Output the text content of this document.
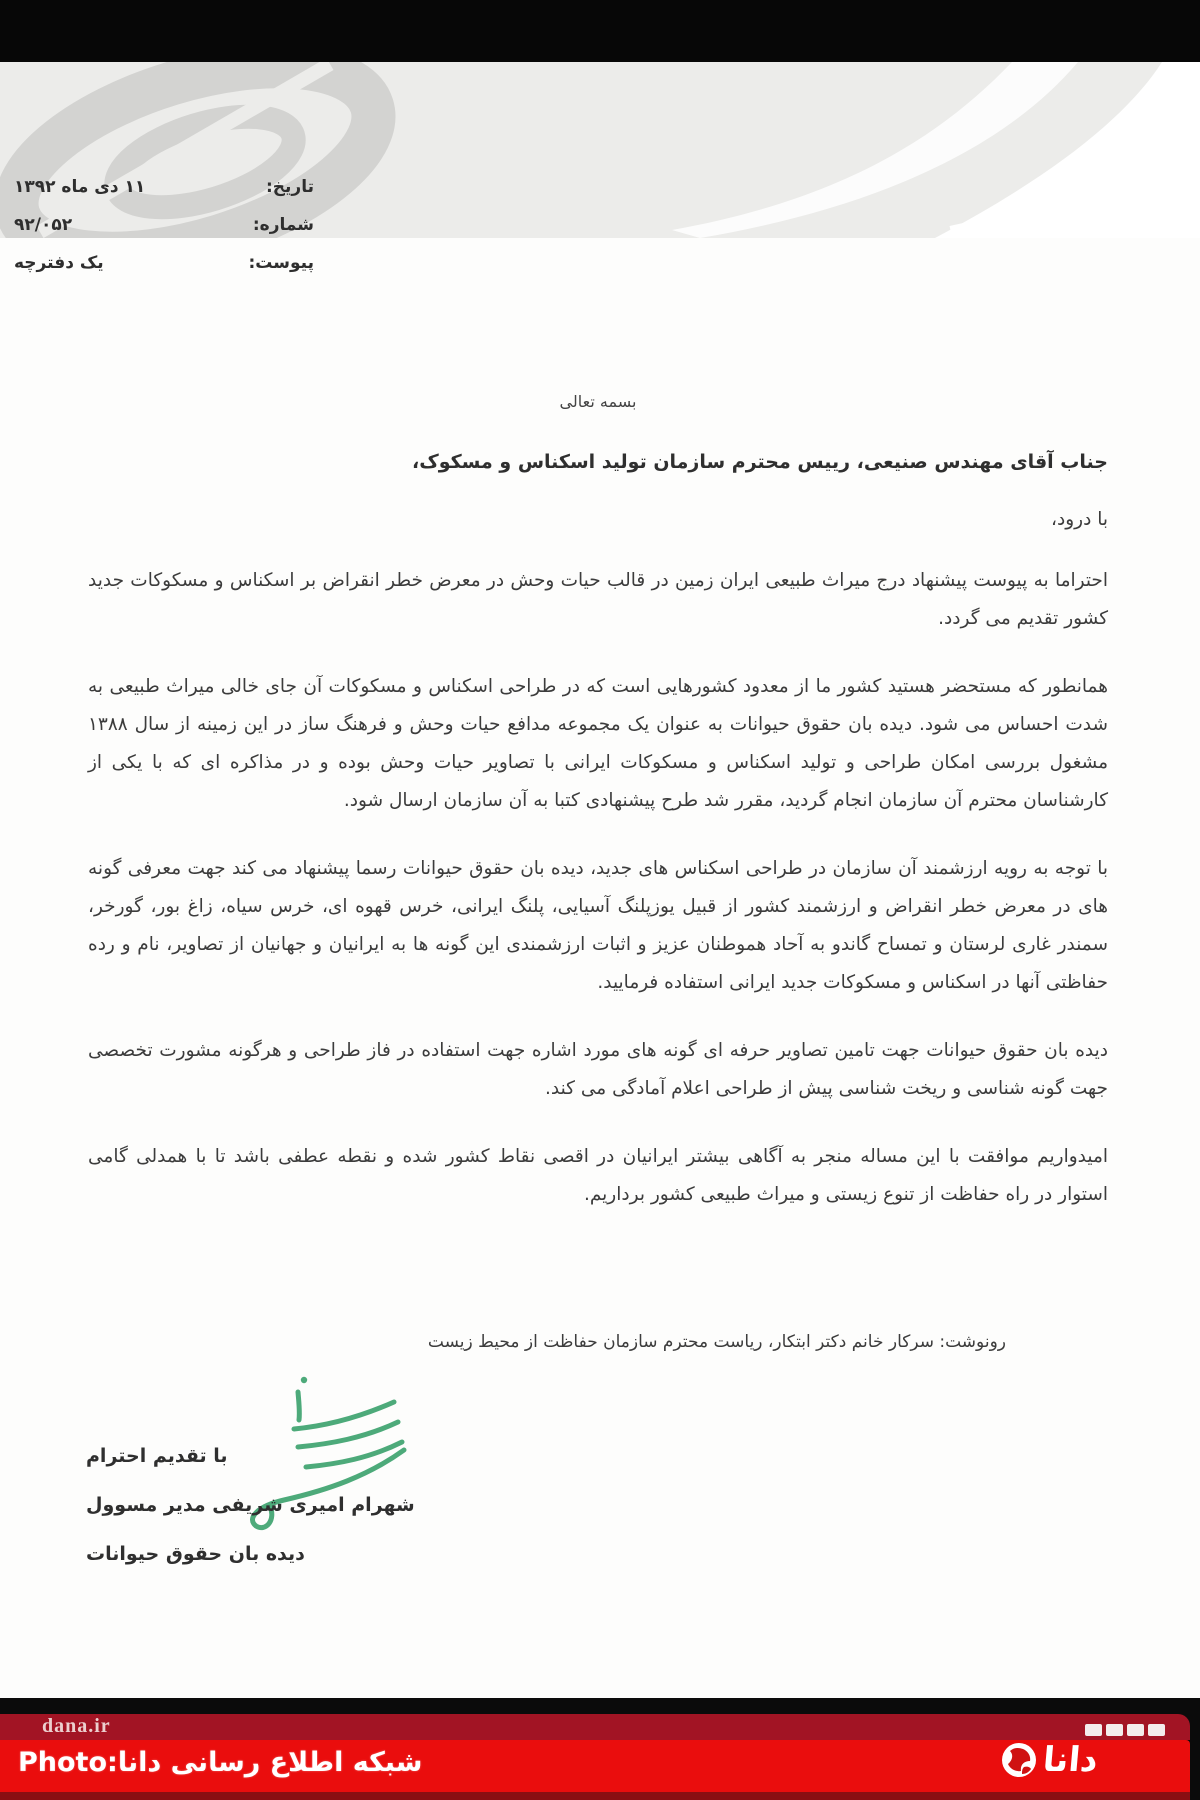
تاریخ:
۱۱ دی ماه ۱۳۹۲
شماره:
۹۲/۰۵۲
پیوست:
یک دفترچه

بسمه تعالی

جناب آقای مهندس صنیعی، رییس محترم سازمان تولید اسکناس و مسکوک،

با درود،

احتراما به پیوست پیشنهاد درج میراث طبیعی ایران زمین در قالب حیات وحش در معرض خطر انقراض بر اسکناس و مسکوکات جدید کشور تقدیم می گردد.

همانطور که مستحضر هستید کشور ما از معدود کشورهایی است که در طراحی اسکناس و مسکوکات آن جای خالی میراث طبیعی به شدت احساس می شود. دیده بان حقوق حیوانات به عنوان یک مجموعه مدافع حیات وحش و فرهنگ ساز در این زمینه از سال ۱۳۸۸ مشغول بررسی امکان طراحی و تولید اسکناس و مسکوکات ایرانی با تصاویر حیات وحش بوده و در مذاکره ای که با یکی از کارشناسان محترم آن سازمان انجام گردید، مقرر شد طرح پیشنهادی کتبا به آن سازمان ارسال شود.

با توجه به رویه ارزشمند آن سازمان در طراحی اسکناس های جدید، دیده بان حقوق حیوانات رسما پیشنهاد می کند جهت معرفی گونه های در معرض خطر انقراض و ارزشمند کشور از قبیل یوزپلنگ آسیایی، پلنگ ایرانی، خرس قهوه ای، خرس سیاه، زاغ بور، گورخر، سمندر غاری لرستان و تمساح گاندو به آحاد هموطنان عزیز و اثبات ارزشمندی این گونه ها به ایرانیان و جهانیان از تصاویر، نام و رده حفاظتی آنها در اسکناس و مسکوکات جدید ایرانی استفاده فرمایید.

دیده بان حقوق حیوانات جهت تامین تصاویر حرفه ای گونه های مورد اشاره جهت استفاده در فاز طراحی و هرگونه مشورت تخصصی جهت گونه شناسی و ریخت شناسی پیش از طراحی اعلام آمادگی می کند.

امیدواریم موافقت با این مساله منجر به آگاهی بیشتر ایرانیان در اقصی نقاط کشور شده و نقطه عطفی باشد تا با همدلی گامی استوار در راه حفاظت از تنوع زیستی و میراث طبیعی کشور برداریم.

رونوشت: سرکار خانم دکتر ابتکار، ریاست محترم سازمان حفاظت از محیط زیست

با تقدیم احترام
شهرام امیری شریفی مدیر مسوول
دیده بان حقوق حیوانات
dana.ir
Photo:شبکه اطلاع رسانی دانا	دانا
